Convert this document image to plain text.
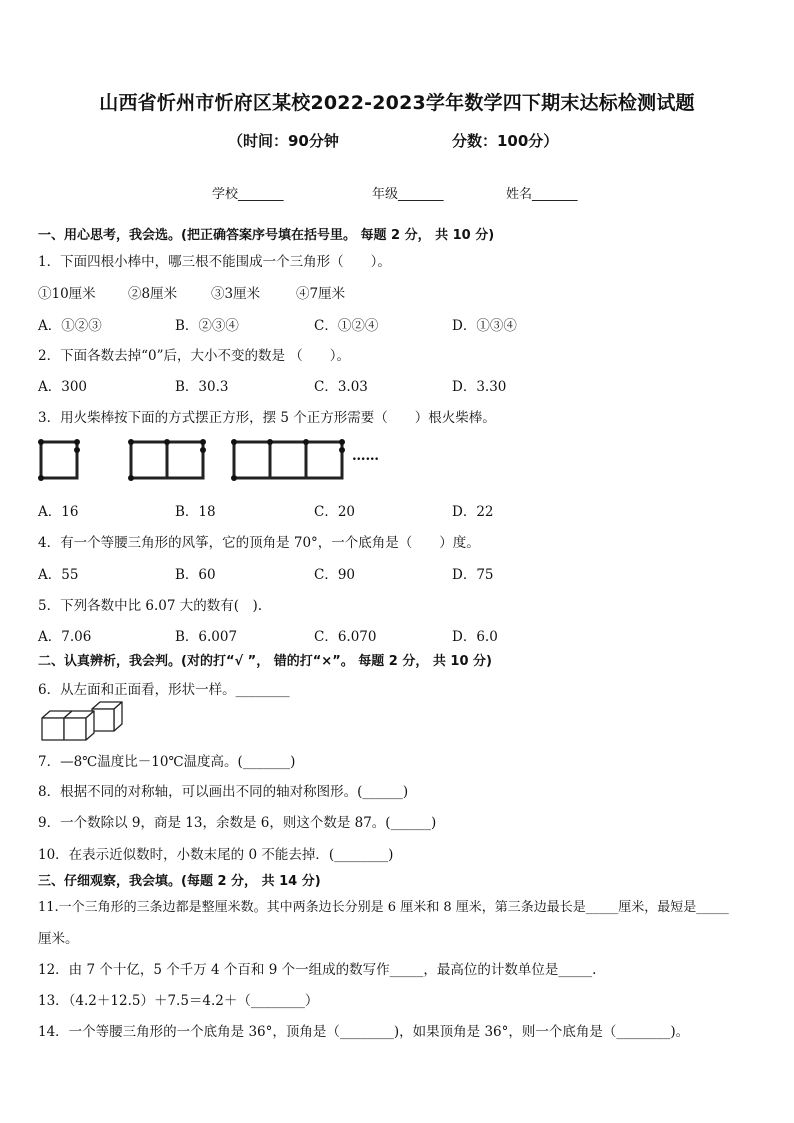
山西省忻州市忻府区某校2022-2023学年数学四下期末达标检测试题
（时间：90分钟	分数：100分）
学校_______	年级_______	姓名_______
一、用心思考，我会选。(把正确答案序号填在括号里。 每题 2 分， 共 10 分)
1．下面四根小棒中，哪三根不能围成一个三角形（　　）。
①10厘米 ②8厘米	③3厘米	④7厘米
A．①②③	B．②③④	C．①②④	D．①③④
2．下面各数去掉“0”后，大小不变的数是 （　　）。
A．300	B．30.3	C．3.03	D．3.30
3．用火柴棒按下面的方式摆正方形，摆 5 个正方形需要（　　）根火柴棒。
……
A．16	B．18	C．20	D．22
4．有一个等腰三角形的风筝，它的顶角是 70°，一个底角是（　　）度。
A．55	B．60	C．90	D．75
5．下列各数中比 6.07 大的数有(　).
A．7.06	B．6.007	C．6.070	D．6.0
二、认真辨析，我会判。(对的打“√ ”， 错的打“×”。 每题 2 分， 共 10 分)
6．从左面和正面看，形状一样。________
7．—8℃温度比－10℃温度高。(_______)
8．根据不同的对称轴，可以画出不同的轴对称图形。(______)
9．一个数除以 9，商是 13，余数是 6，则这个数是 87。(______)
10．在表示近似数时，小数末尾的 0 不能去掉．(________)
三、仔细观察，我会填。(每题 2 分， 共 14 分)
11.一个三角形的三条边都是整厘米数。其中两条边长分别是 6 厘米和 8 厘米，第三条边最长是_____厘米，最短是_____
厘米。
12．由 7 个十亿，5 个千万 4 个百和 9 个一组成的数写作_____，最高位的计数单位是_____.
13．（4.2＋12.5）＋7.5＝4.2＋（________）
14．一个等腰三角形的一个底角是 36°，顶角是（________)，如果顶角是 36°，则一个底角是（________)。
